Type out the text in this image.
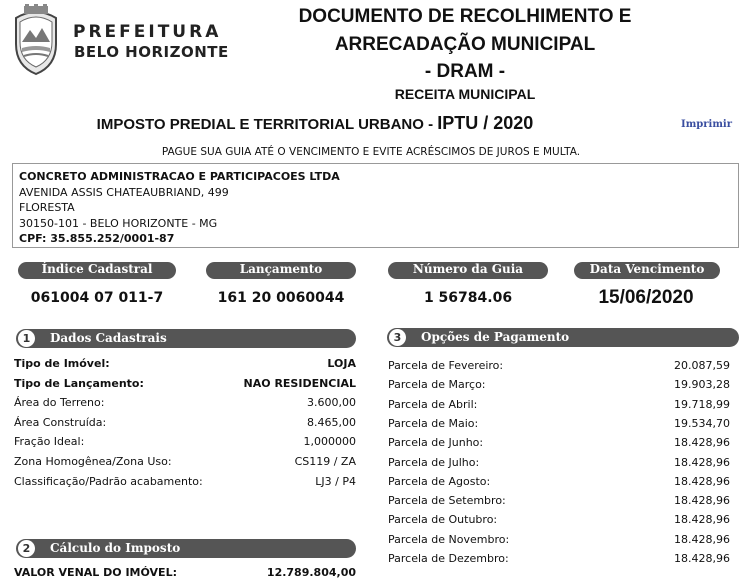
PREFEITURA
BELO HORIZONTE
DOCUMENTO DE RECOLHIMENTO E
ARRECADAÇÃO MUNICIPAL
- DRAM -
RECEITA MUNICIPAL
IMPOSTO PREDIAL E TERRITORIAL URBANO - IPTU / 2020	Imprimir
PAGUE SUA GUIA ATÉ O VENCIMENTO E EVITE ACRÉSCIMOS DE JUROS E MULTA.
CONCRETO ADMINISTRACAO E PARTICIPACOES LTDA
AVENIDA ASSIS CHATEAUBRIAND, 499
FLORESTA
30150-101 - BELO HORIZONTE - MG
CPF: 35.855.252/0001-87
Índice Cadastral
061004 07 011-7
Lançamento
161 20 0060044
Número da Guia
1 56784.06
Data Vencimento
15/06/2020
1	Dados Cadastrais
Tipo de Imóvel:	LOJA
Tipo de Lançamento:	NAO RESIDENCIAL
Área do Terreno:	3.600,00
Área Construída:	8.465,00
Fração Ideal:	1,000000
Zona Homogênea/Zona Uso:	CS119 / ZA
Classificação/Padrão acabamento:	LJ3 / P4
2	Cálculo do Imposto
VALOR VENAL DO IMÓVEL:	12.789.804,00
3	Opções de Pagamento
Parcela de Fevereiro:	20.087,59
Parcela de Março:	19.903,28
Parcela de Abril:	19.718,99
Parcela de Maio:	19.534,70
Parcela de Junho:	18.428,96
Parcela de Julho:	18.428,96
Parcela de Agosto:	18.428,96
Parcela de Setembro:	18.428,96
Parcela de Outubro:	18.428,96
Parcela de Novembro:	18.428,96
Parcela de Dezembro:	18.428,96
